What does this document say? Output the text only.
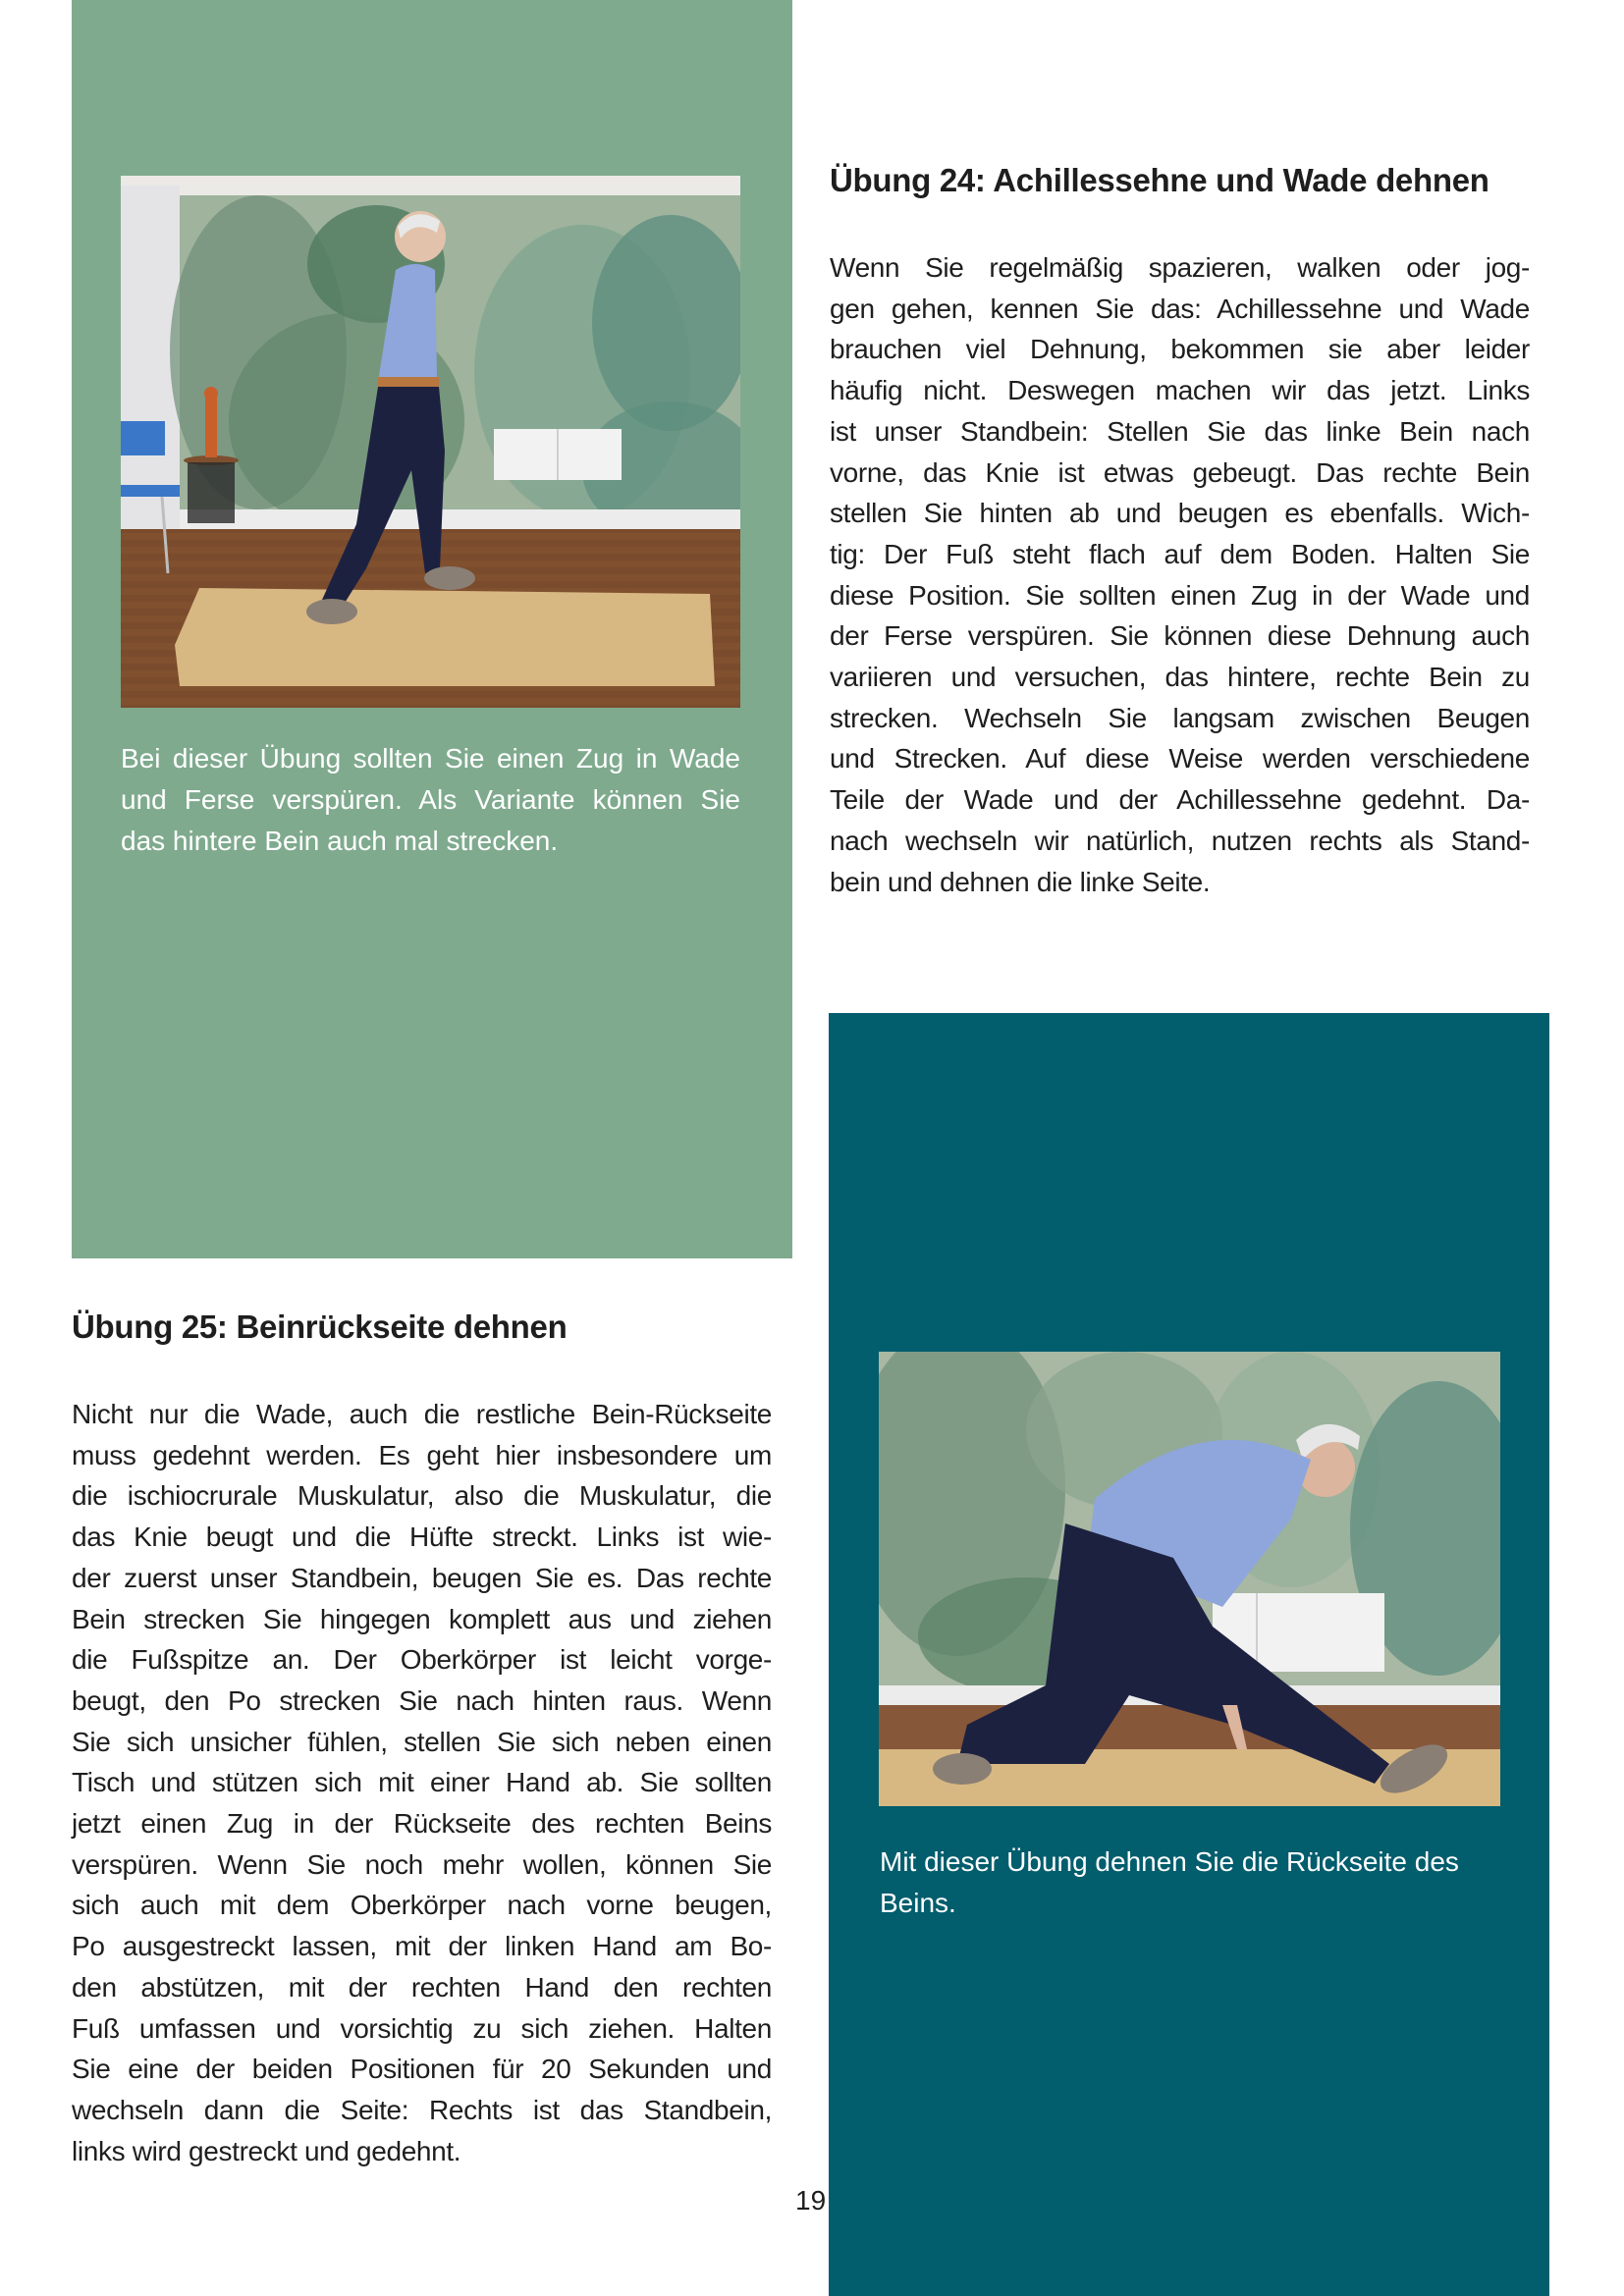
Bei dieser Übung sollten Sie einen Zug in Wade
und Ferse verspüren. Als Variante können Sie
das hintere Bein auch mal strecken.
Übung 24: Achillessehne und Wade dehnen

Wenn Sie regelmäßig spazieren, walken oder jog-
gen gehen, kennen Sie das: Achillessehne und Wade
brauchen viel Dehnung, bekommen sie aber leider
häufig nicht. Deswegen machen wir das jetzt. Links
ist unser Standbein: Stellen Sie das linke Bein nach
vorne, das Knie ist etwas gebeugt. Das rechte Bein
stellen Sie hinten ab und beugen es ebenfalls. Wich-
tig: Der Fuß steht flach auf dem Boden. Halten Sie
diese Position. Sie sollten einen Zug in der Wade und
der Ferse verspüren. Sie können diese Dehnung auch
variieren und versuchen, das hintere, rechte Bein zu
strecken. Wechseln Sie langsam zwischen Beugen
und Strecken. Auf diese Weise werden verschiedene
Teile der Wade und der Achillessehne gedehnt. Da-
nach wechseln wir natürlich, nutzen rechts als Stand-
bein und dehnen die linke Seite.

Mit dieser Übung dehnen Sie die Rückseite des Beins.
Übung 25: Beinrückseite dehnen

Nicht nur die Wade, auch die restliche Bein-Rückseite
muss gedehnt werden. Es geht hier insbesondere um
die ischiocrurale Muskulatur, also die Muskulatur, die
das Knie beugt und die Hüfte streckt. Links ist wie-
der zuerst unser Standbein, beugen Sie es. Das rechte
Bein strecken Sie hingegen komplett aus und ziehen
die Fußspitze an. Der Oberkörper ist leicht vorge-
beugt, den Po strecken Sie nach hinten raus. Wenn
Sie sich unsicher fühlen, stellen Sie sich neben einen
Tisch und stützen sich mit einer Hand ab. Sie sollten
jetzt einen Zug in der Rückseite des rechten Beins
verspüren. Wenn Sie noch mehr wollen, können Sie
sich auch mit dem Oberkörper nach vorne beugen,
Po ausgestreckt lassen, mit der linken Hand am Bo-
den abstützen, mit der rechten Hand den rechten
Fuß umfassen und vorsichtig zu sich ziehen. Halten
Sie eine der beiden Positionen für 20 Sekunden und
wechseln dann die Seite: Rechts ist das Standbein,
links wird gestreckt und gedehnt.

19
